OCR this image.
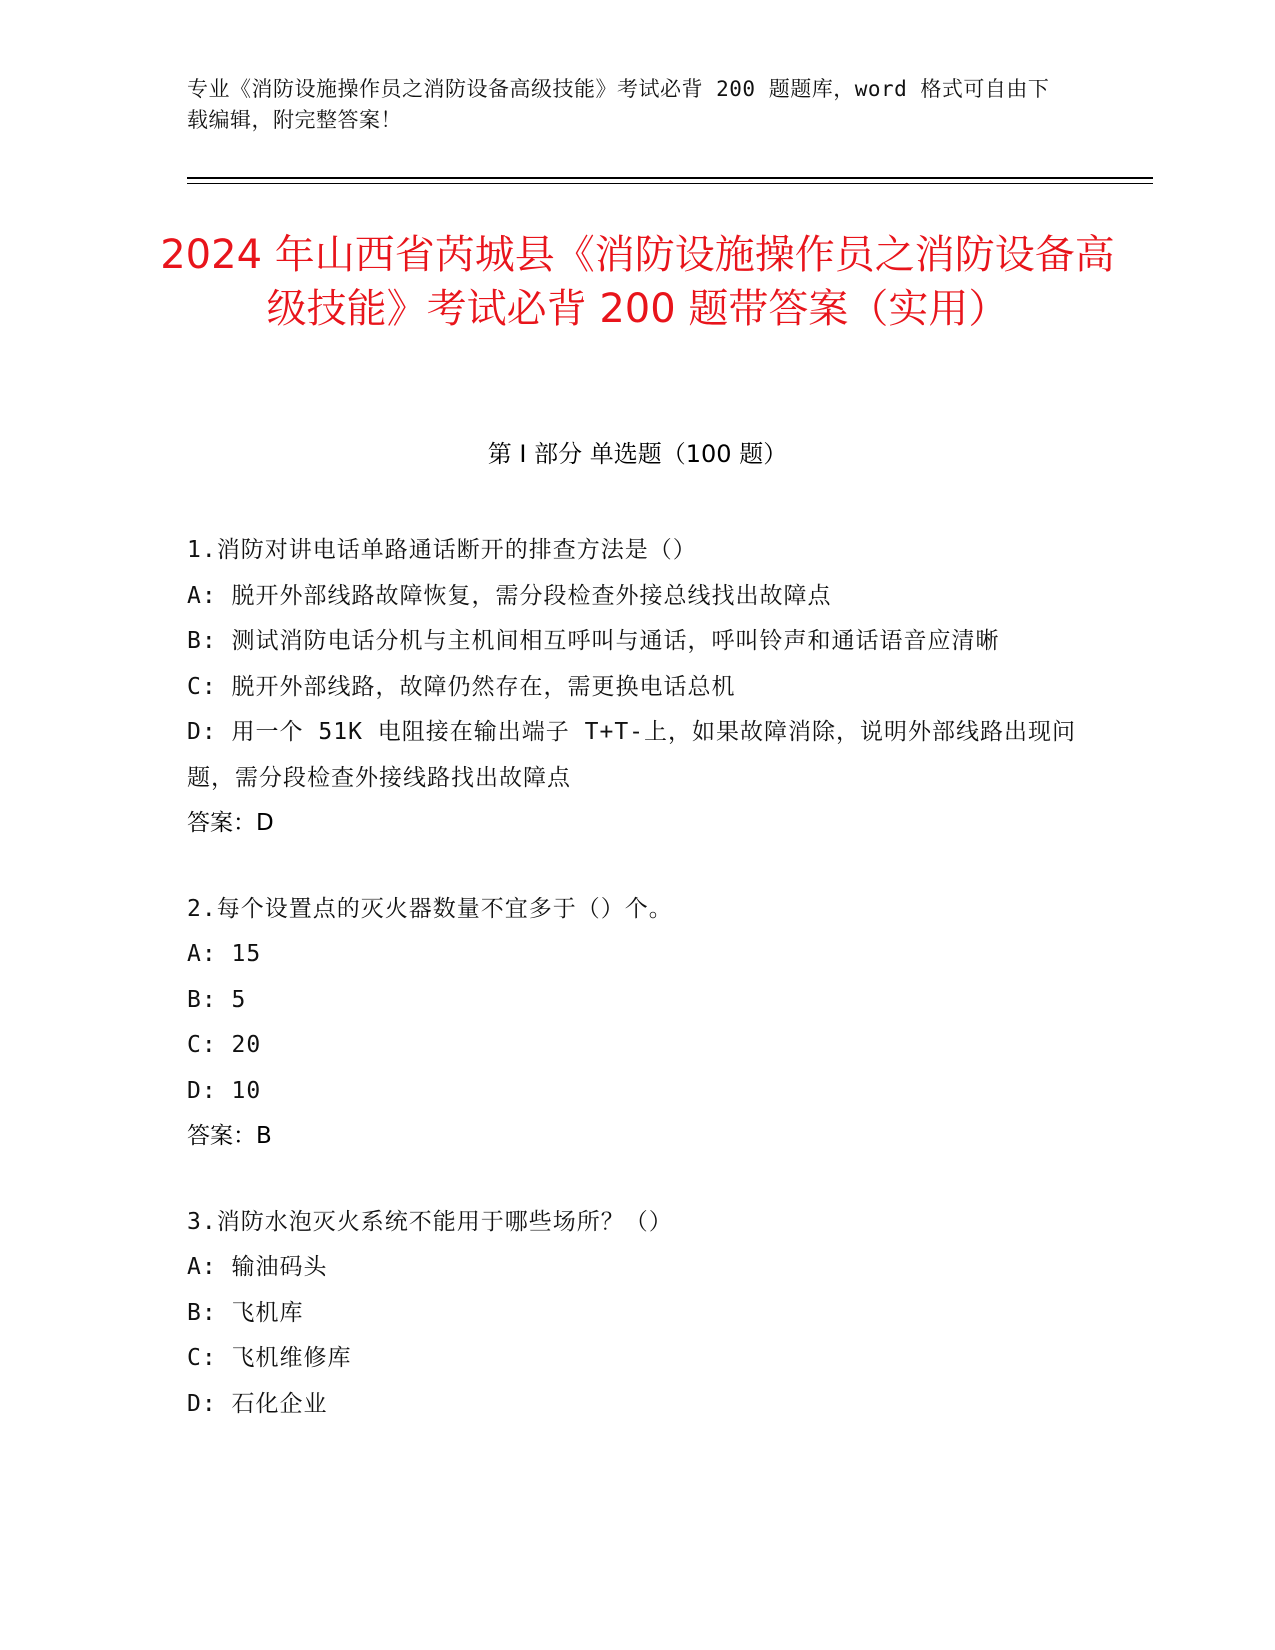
专业《消防设施操作员之消防设备高级技能》考试必背 200 题题库，word 格式可自由下载编辑，附完整答案！
2024 年山西省芮城县《消防设施操作员之消防设备高级技能》考试必背 200 题带答案（实用）
第 I 部分 单选题（100 题）
1.消防对讲电话单路通话断开的排查方法是（）
A: 脱开外部线路故障恢复，需分段检查外接总线找出故障点
B: 测试消防电话分机与主机间相互呼叫与通话，呼叫铃声和通话语音应清晰
C: 脱开外部线路，故障仍然存在，需更换电话总机
D: 用一个 51K 电阻接在输出端子 T+T-上，如果故障消除，说明外部线路出现问题，需分段检查外接线路找出故障点
答案：D
2.每个设置点的灭火器数量不宜多于（）个。
A: 15
B: 5
C: 20
D: 10
答案：B
3.消防水泡灭火系统不能用于哪些场所？（）
A: 输油码头
B: 飞机库
C: 飞机维修库
D: 石化企业
